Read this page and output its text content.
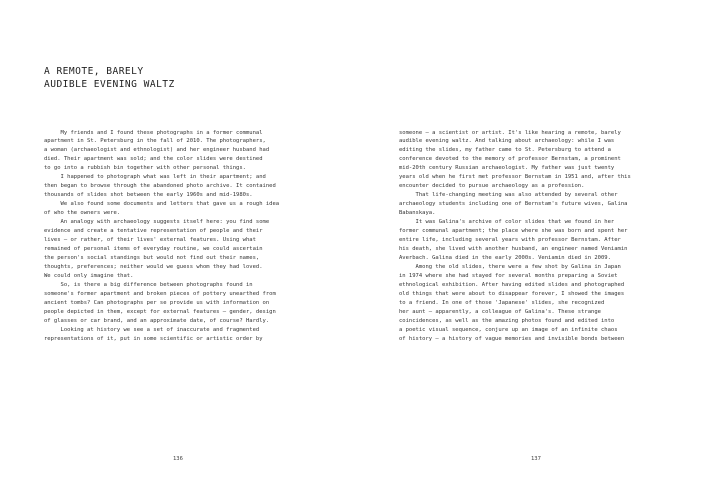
A REMOTE, BARELY
AUDIBLE EVENING WALTZ
My friends and I found these photographs in a former communal
apartment in St. Petersburg in the fall of 2010. The photographers,
a woman (archaeologist and ethnologist) and her engineer husband had
died. Their apartment was sold; and the color slides were destined
to go into a rubbish bin together with other personal things.
I happened to photograph what was left in their apartment; and
then began to browse through the abandoned photo archive. It contained
thousands of slides shot between the early 1960s and mid-1980s.
We also found some documents and letters that gave us a rough idea
of who the owners were.
An analogy with archaeology suggests itself here: you find some
evidence and create a tentative representation of people and their
lives — or rather, of their lives' external features. Using what
remained of personal items of everyday routine, we could ascertain
the person's social standings but would not find out their names,
thoughts, preferences; neither would we guess whom they had loved.
We could only imagine that.
So, is there a big difference between photographs found in
someone's former apartment and broken pieces of pottery unearthed from
ancient tombs? Can photographs per se provide us with information on
people depicted in them, except for external features — gender, design
of glasses or car brand, and an approximate date, of course? Hardly.
Looking at history we see a set of inaccurate and fragmented
representations of it, put in some scientific or artistic order by
136
someone — a scientist or artist. It's like hearing a remote, barely
audible evening waltz. And talking about archaeology: while I was
editing the slides, my father came to St. Petersburg to attend a
conference devoted to the memory of professor Bernstam, a prominent
mid-20th century Russian archaeologist. My father was just twenty
years old when he first met professor Bernstam in 1951 and, after this
encounter decided to pursue archaeology as a profession.
That life-changing meeting was also attended by several other
archaeology students including one of Bernstam's future wives, Galina
Babanskaya.
It was Galina's archive of color slides that we found in her
former communal apartment; the place where she was born and spent her
entire life, including several years with professor Bernstam. After
his death, she lived with another husband, an engineer named Veniamin
Averbach. Galina died in the early 2000s. Veniamin died in 2009.
Among the old slides, there were a few shot by Galina in Japan
in 1974 where she had stayed for several months preparing a Soviet
ethnological exhibition. After having edited slides and photographed
old things that were about to disappear forever, I showed the images
to a friend. In one of those 'Japanese' slides, she recognized
her aunt — apparently, a colleague of Galina's. These strange
coincidences, as well as the amazing photos found and edited into
a poetic visual sequence, conjure up an image of an infinite chaos
of history — a history of vague memories and invisible bonds between
137
